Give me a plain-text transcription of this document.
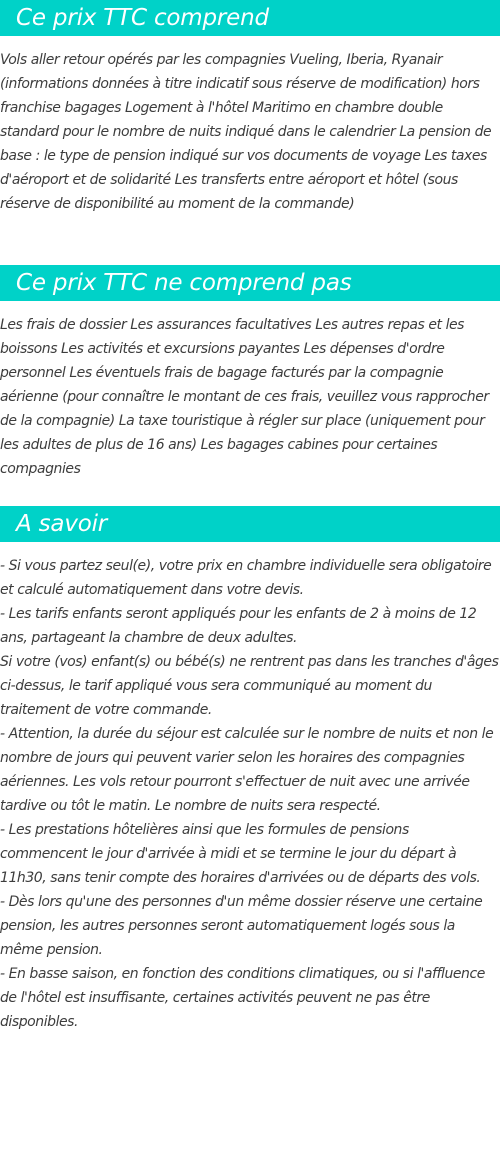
Ce prix TTC comprend
Vols aller retour opérés par les compagnies Vueling, Iberia, Ryanair (informations données à titre indicatif sous réserve de modification) hors franchise bagages Logement à l'hôtel Maritimo en chambre double standard pour le nombre de nuits indiqué dans le calendrier La pension de base : le type de pension indiqué sur vos documents de voyage Les taxes d'aéroport et de solidarité Les transferts entre aéroport et hôtel (sous réserve de disponibilité au moment de la commande)
Ce prix TTC ne comprend pas
Les frais de dossier Les assurances facultatives Les autres repas et les boissons Les activités et excursions payantes Les dépenses d'ordre personnel Les éventuels frais de bagage facturés par la compagnie aérienne (pour connaître le montant de ces frais, veuillez vous rapprocher de la compagnie) La taxe touristique à régler sur place (uniquement pour les adultes de plus de 16 ans) Les bagages cabines pour certaines compagnies
A savoir

- Si vous partez seul(e), votre prix en chambre individuelle sera obligatoire et calculé automatiquement dans votre devis.

- Les tarifs enfants seront appliqués pour les enfants de 2 à moins de 12 ans, partageant la chambre de deux adultes.

Si votre (vos) enfant(s) ou bébé(s) ne rentrent pas dans les tranches d'âges ci-dessus, le tarif appliqué vous sera communiqué au moment du traitement de votre commande.

- Attention, la durée du séjour est calculée sur le nombre de nuits et non le nombre de jours qui peuvent varier selon les horaires des compagnies aériennes. Les vols retour pourront s'effectuer de nuit avec une arrivée tardive ou tôt le matin. Le nombre de nuits sera respecté.

- Les prestations hôtelières ainsi que les formules de pensions commencent le jour d'arrivée à midi et se termine le jour du départ à 11h30, sans tenir compte des horaires d'arrivées ou de départs des vols.

- Dès lors qu'une des personnes d'un même dossier réserve une certaine pension, les autres personnes seront automatiquement logés sous la même pension.

- En basse saison, en fonction des conditions climatiques, ou si l'affluence de l'hôtel est insuffisante, certaines activités peuvent ne pas être disponibles.
